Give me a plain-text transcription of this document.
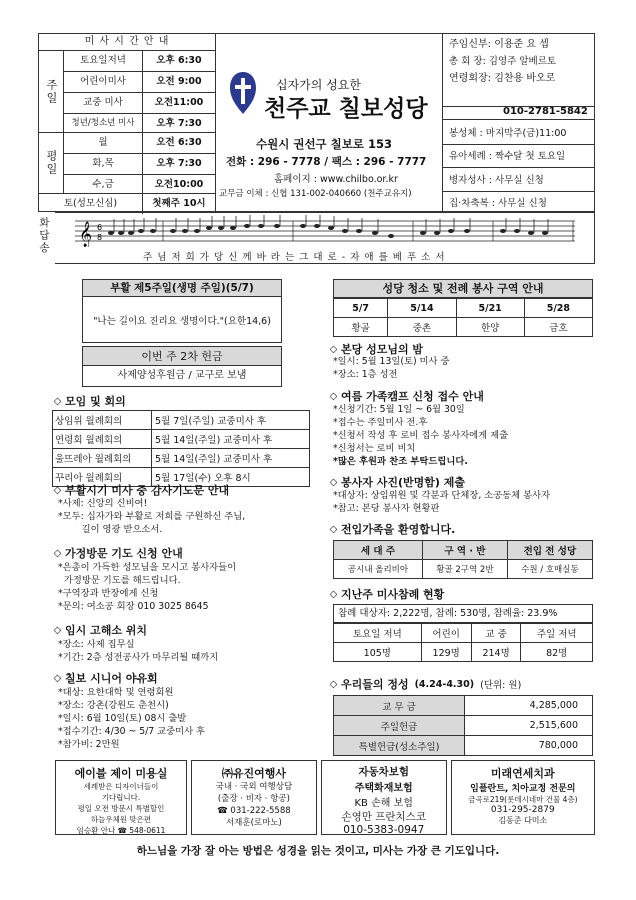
미 사 시 간 안 내
주일
토요일저녁	오후 6:30
어린이미사	오전 9:00
교중 미사	오전11:00
청년/청소년 미사	오후 7:30
평일
월	오전 6:30
화,목	오후 7:30
수,금	오전10:00
토(성모신심)	첫째주 10시
십자가의 성요한
천주교 칠보성당
수원시 권선구 칠보로 153
전화 : 296 - 7778 / 팩스 : 296 - 7777
홈페이지 : www.chilbo.or.kr
교무금 이체 : 신협 131-002-040660 (천주교유지)
주임신부: 이용준 요 셉
총 회 장: 김영주 알베르토
연령회장: 김찬용 바오로
010-2781-5842
봉성체 : 마지막주(금)11:00
유아세례 : 짝수달 첫 토요일
병자성사 : 사무실 신청
집·차축복 : 사무실 신청
화답송 𝄞 6
8
주 님 저 희 가 당 신 께 바 라 는 그 대 로 - 자 애 를 베 푸 소 서
부활 제5주일(생명 주일)(5/7)
"나는 길이요 진리요 생명이다."(요한14,6)
이번 주 2차 헌금
사제양성후원금 / 교구로 보냄
◇ 모임 및 회의
상임위 월례회의	5월 7일(주일) 교중미사 후
연령회 월례회의	5월 14일(주일) 교중미사 후
울뜨레아 월례회의	5월 14일(주일) 교중미사 후
꾸리아 월례회의	5월 17일(수) 오후 8시
◇ 부활시기 미사 중 감사기도문 안내
*사제: 신앙의 신비여!
*모두: 십자가와 부활로 저희를 구원하신 주님,
길이 영광 받으소서.
◇ 가정방문 기도 신청 안내
*은총이 가득한 성모님을 모시고 봉사자들이
가정방문 기도를 해드립니다.
*구역장과 반장에게 신청
*문의: 여소공 회장 010 3025 8645
◇ 임시 고해소 위치
*장소: 사제 집무실
*기간: 2층 성전공사가 마무리될 때까지
◇ 칠보 시니어 야유회
*대상: 요한대학 및 연령회원
*장소: 강촌(강원도 춘천시)
*일시: 6월 10일(토) 08시 출발
*접수기간: 4/30 ~ 5/7 교중미사 후
*참가비: 2만원
성당 청소 및 전례 봉사 구역 안내
5/7	5/14	5/21	5/28
황골	중촌	한양	금호
◇ 본당 성모님의 밤
*일시: 5월 13일(토) 미사 중
*장소: 1층 성전
◇ 여름 가족캠프 신청 접수 안내
*신청기간: 5월 1일 ~ 6월 30일
*접수는 주일미사 전.후
*신청서 작성 후 로비 접수 봉사자에게 제출
*신청서는 로비 비치
*많은 후원과 찬조 부탁드립니다.
◇ 봉사자 사진(반명함) 제출
*대상자: 상임위원 및 각분과 단체장, 소공동체 봉사자
*참고: 본당 봉사자 현황판
◇ 전입가족을 환영합니다.
세 대 주	구 역 · 반	전입 전 성당
공시내 올리비아	황골 2구역 2반	수원 / 호매실동
◇ 지난주 미사참례 현황
참례 대상자: 2,222명, 참례: 530명, 참례율: 23.9%
토요일 저녁	어린이	교 중	주일 저녁
105명	129명	214명	82명
◇ 우리들의 정성 (4.24-4.30) (단위: 원)
교 무 금	4,285,000
주일헌금	2,515,600
특별헌금(성소주일)	780,000
에이블 제이 미용실
세례받은 디자이너들이
기다립니다.
평일 오전 방문시 특별할인
하늘우체원 맞은편
임승환 안나 ☎ 548-0611
㈜유진여행사
국내 · 국외 여행상담
(출장 · 비자 · 항공)
☎ 031-222-5588
서재훈(로마노)
자동차보험
주택화재보험
KB 손해 보험
손영만 프란치스코
010-5383-0947
미래연세치과
임플란트, 치아교정 전문의
금곡로219(롯데시네마 건물 4층)
031-295-2879
김동준 다미소
하느님을 가장 잘 아는 방법은 성경을 읽는 것이고, 미사는 가장 큰 기도입니다.
